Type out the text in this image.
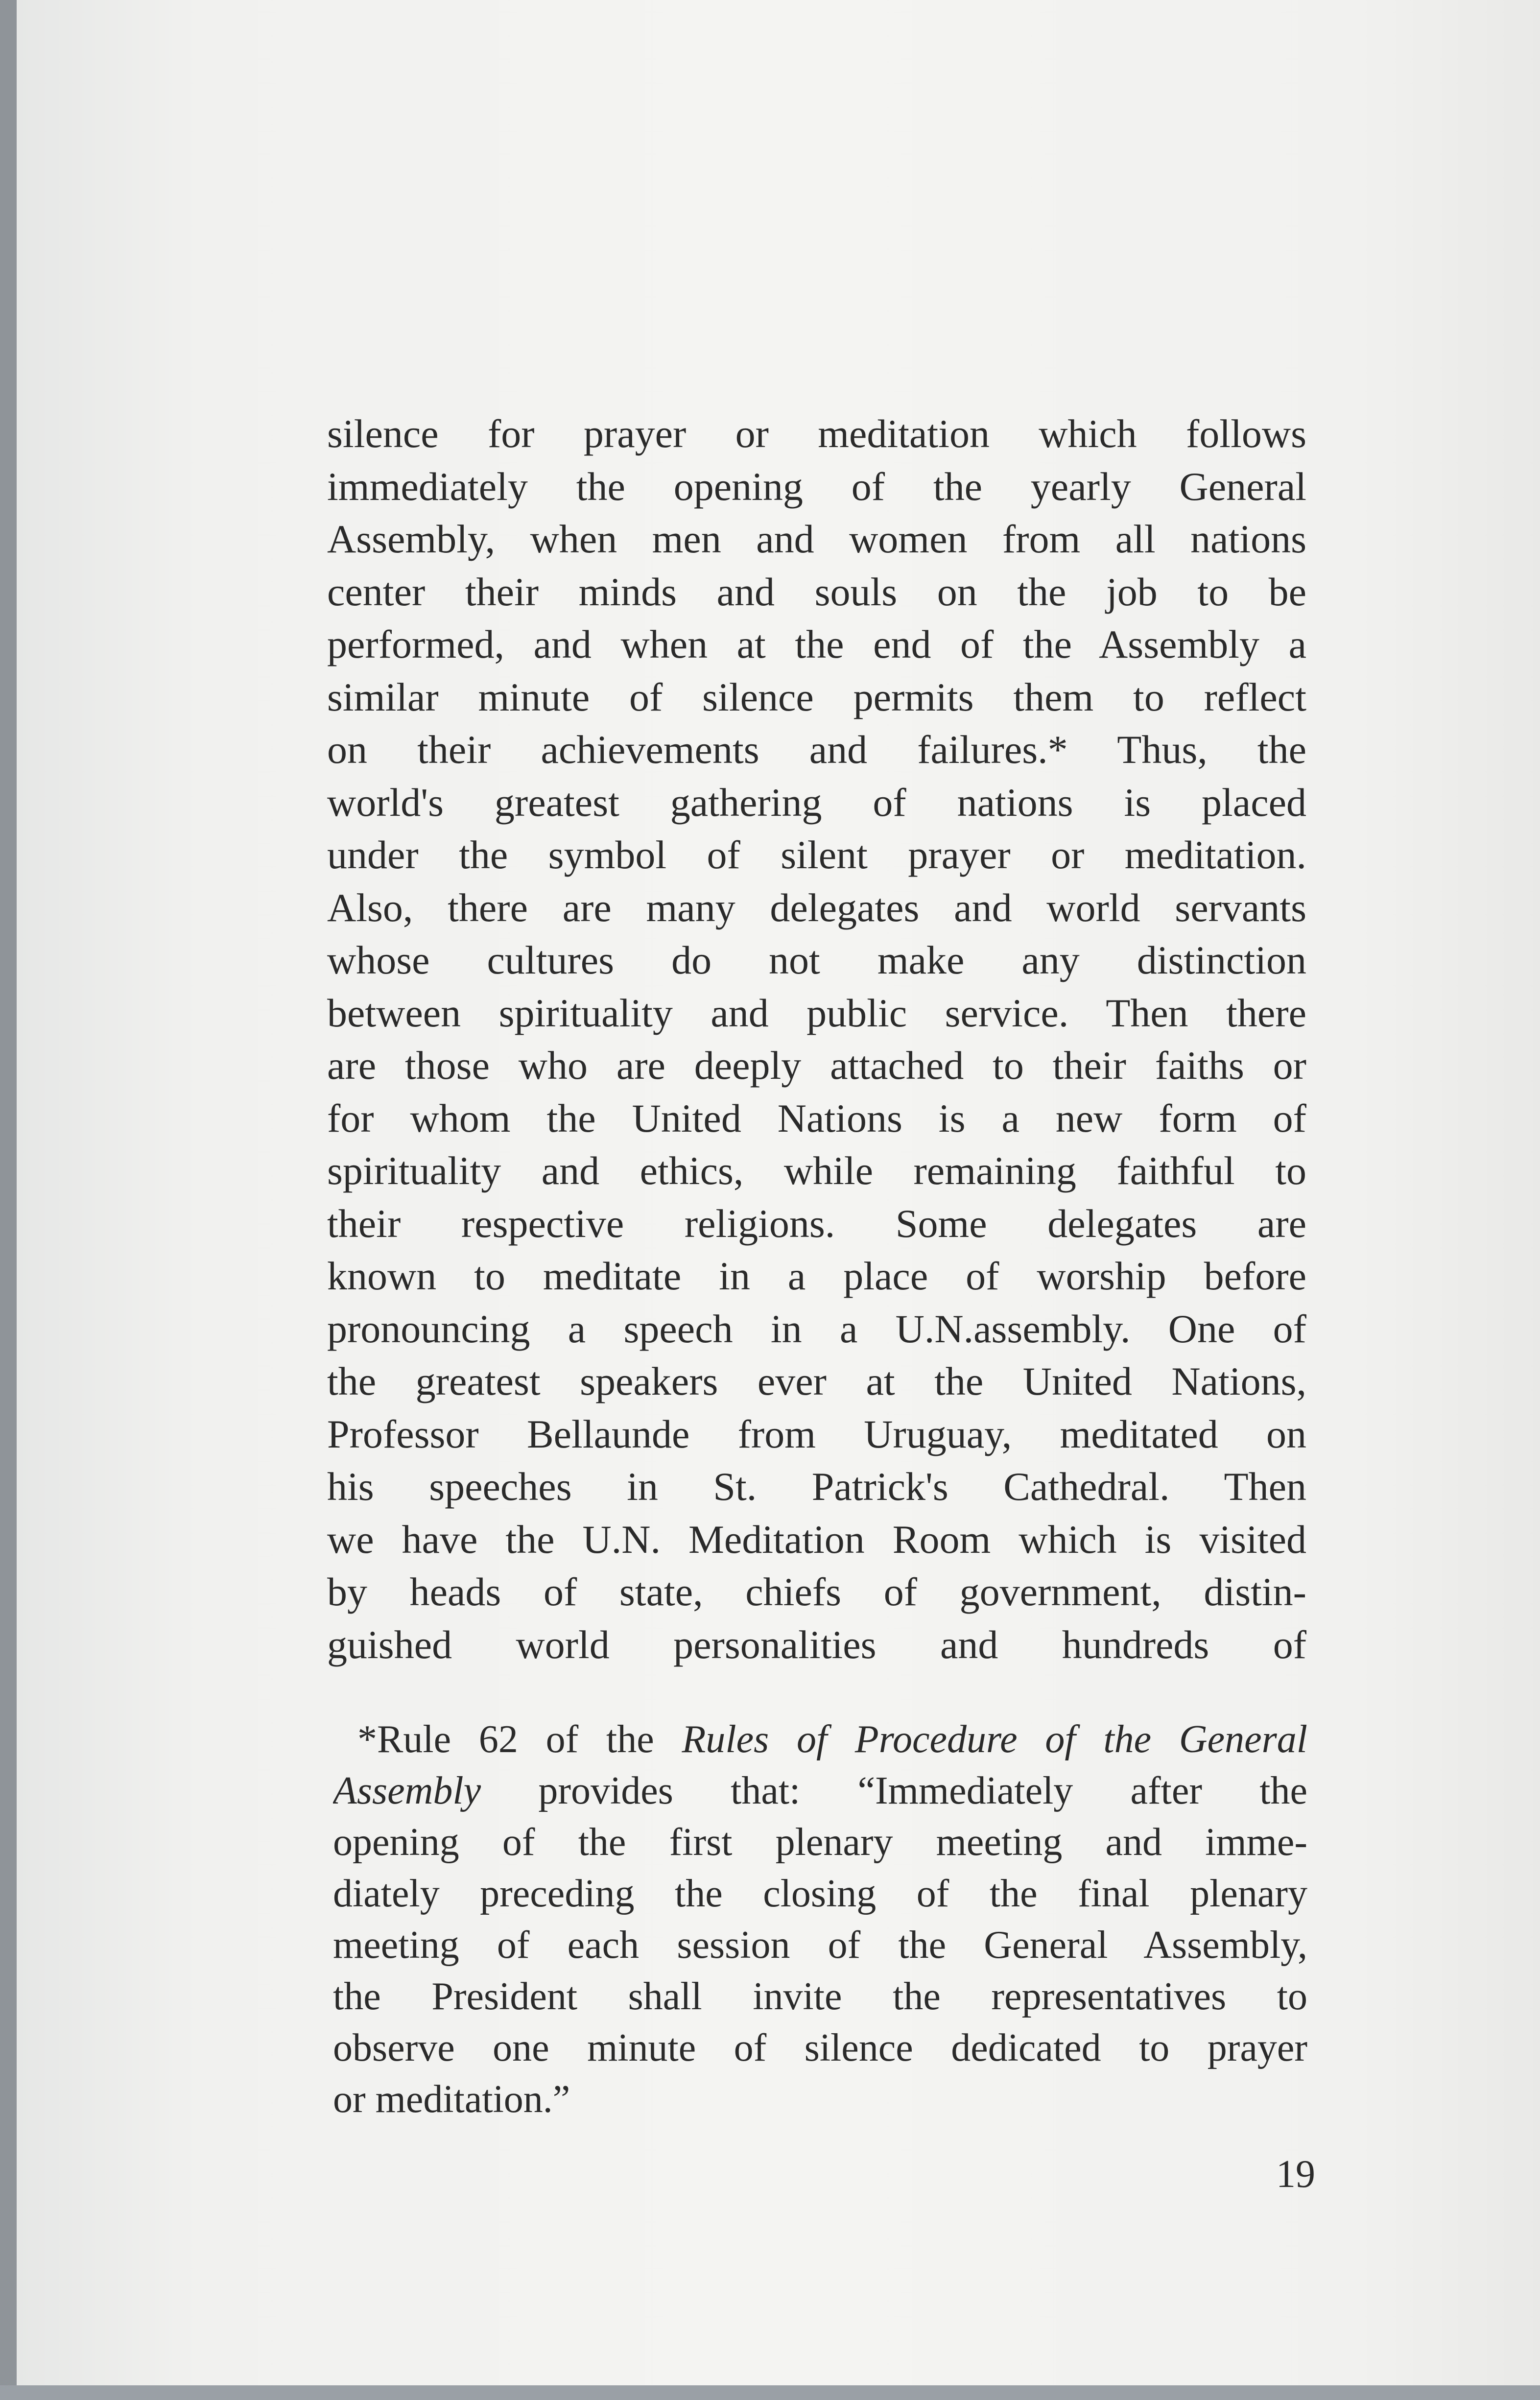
silence for prayer or meditation which follows
immediately the opening of the yearly General
Assembly, when men and women from all nations
center their minds and souls on the job to be
performed, and when at the end of the Assembly a
similar minute of silence permits them to reflect
on their achievements and failures.* Thus, the
world's greatest gathering of nations is placed
under the symbol of silent prayer or meditation.
Also, there are many delegates and world servants
whose cultures do not make any distinction
between spirituality and public service. Then there
are those who are deeply attached to their faiths or
for whom the United Nations is a new form of
spirituality and ethics, while remaining faithful to
their respective religions. Some delegates are
known to meditate in a place of worship before
pronouncing a speech in a U.N.assembly. One of
the greatest speakers ever at the United Nations,
Professor Bellaunde from Uruguay, meditated on
his speeches in St. Patrick's Cathedral. Then
we have the U.N. Meditation Room which is visited
by heads of state, chiefs of government, distin-
guished world personalities and hundreds of
*Rule 62 of the Rules of Procedure of the General
Assembly provides that: “Immediately after the
opening of the first plenary meeting and imme-
diately preceding the closing of the final plenary
meeting of each session of the General Assembly,
the President shall invite the representatives to
observe one minute of silence dedicated to prayer
or meditation.”
19
